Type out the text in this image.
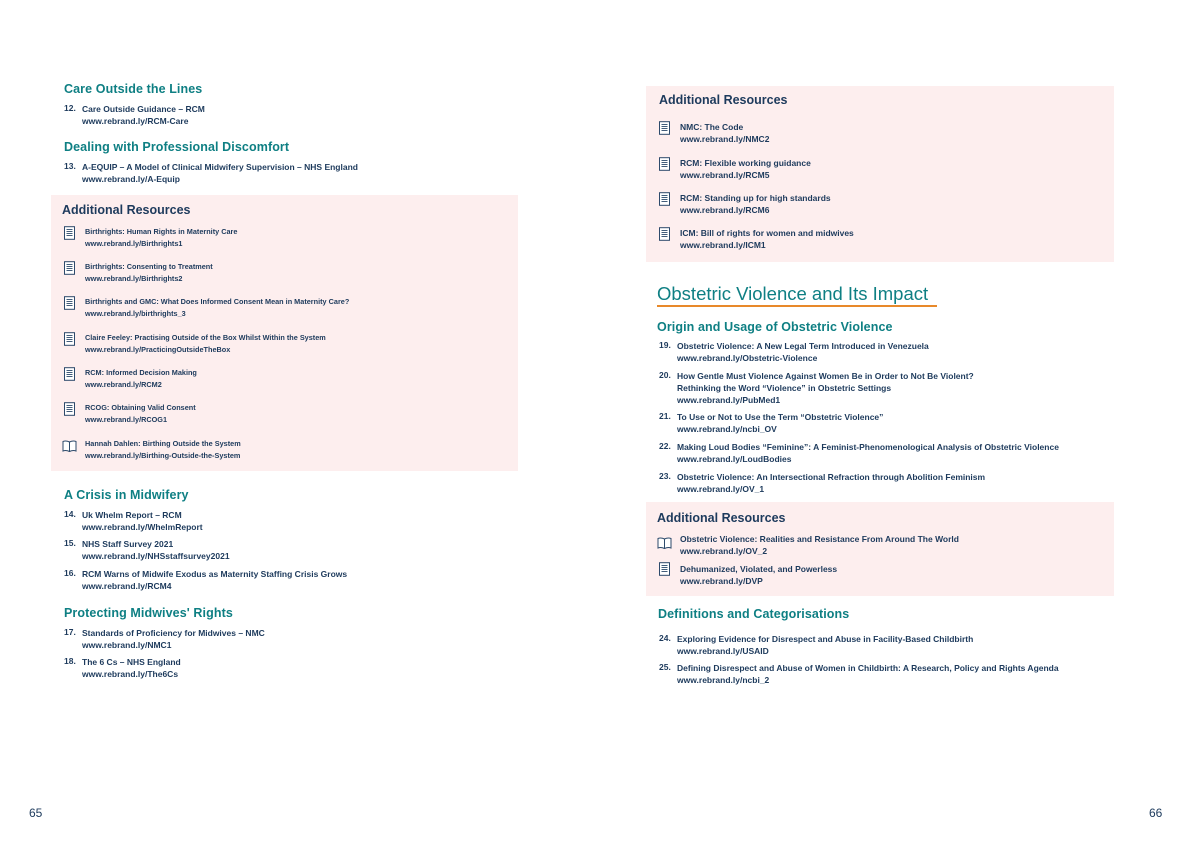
Care Outside the Lines
12. Care Outside Guidance – RCM
www.rebrand.ly/RCM-Care
Dealing with Professional Discomfort
13. A-EQUIP – A Model of Clinical Midwifery Supervision – NHS England
www.rebrand.ly/A-Equip
Additional Resources
Birthrights: Human Rights in Maternity Care
www.rebrand.ly/Birthrights1
Birthrights: Consenting to Treatment
www.rebrand.ly/Birthrights2
Birthrights and GMC: What Does Informed Consent Mean in Maternity Care?
www.rebrand.ly/birthrights_3
Claire Feeley: Practising Outside of the Box Whilst Within the System
www.rebrand.ly/PracticingOutsideTheBox
RCM: Informed Decision Making
www.rebrand.ly/RCM2
RCOG: Obtaining Valid Consent
www.rebrand.ly/RCOG1
Hannah Dahlen: Birthing Outside the System
www.rebrand.ly/Birthing-Outside-the-System
A Crisis in Midwifery
14. Uk Whelm Report – RCM
www.rebrand.ly/WhelmReport
15. NHS Staff Survey 2021
www.rebrand.ly/NHSstaffsurvey2021
16. RCM Warns of Midwife Exodus as Maternity Staffing Crisis Grows
www.rebrand.ly/RCM4
Protecting Midwives' Rights
17. Standards of Proficiency for Midwives – NMC
www.rebrand.ly/NMC1
18. The 6 Cs – NHS England
www.rebrand.ly/The6Cs
65
Additional Resources
NMC: The Code
www.rebrand.ly/NMC2
RCM: Flexible working guidance
www.rebrand.ly/RCM5
RCM: Standing up for high standards
www.rebrand.ly/RCM6
ICM: Bill of rights for women and midwives
www.rebrand.ly/ICM1
Obstetric Violence and Its Impact
Origin and Usage of Obstetric Violence
19. Obstetric Violence: A New Legal Term Introduced in Venezuela
www.rebrand.ly/Obstetric-Violence
20. How Gentle Must Violence Against Women Be in Order to Not Be Violent?
Rethinking the Word “Violence” in Obstetric Settings
www.rebrand.ly/PubMed1
21. To Use or Not to Use the Term “Obstetric Violence”
www.rebrand.ly/ncbi_OV
22. Making Loud Bodies “Feminine”: A Feminist-Phenomenological Analysis of Obstetric Violence
www.rebrand.ly/LoudBodies
23. Obstetric Violence: An Intersectional Refraction through Abolition Feminism
www.rebrand.ly/OV_1
Additional Resources
Obstetric Violence: Realities and Resistance From Around The World
www.rebrand.ly/OV_2
Dehumanized, Violated, and Powerless
www.rebrand.ly/DVP
Definitions and Categorisations
24. Exploring Evidence for Disrespect and Abuse in Facility-Based Childbirth
www.rebrand.ly/USAID
25. Defining Disrespect and Abuse of Women in Childbirth: A Research, Policy and Rights Agenda
www.rebrand.ly/ncbi_2
66
